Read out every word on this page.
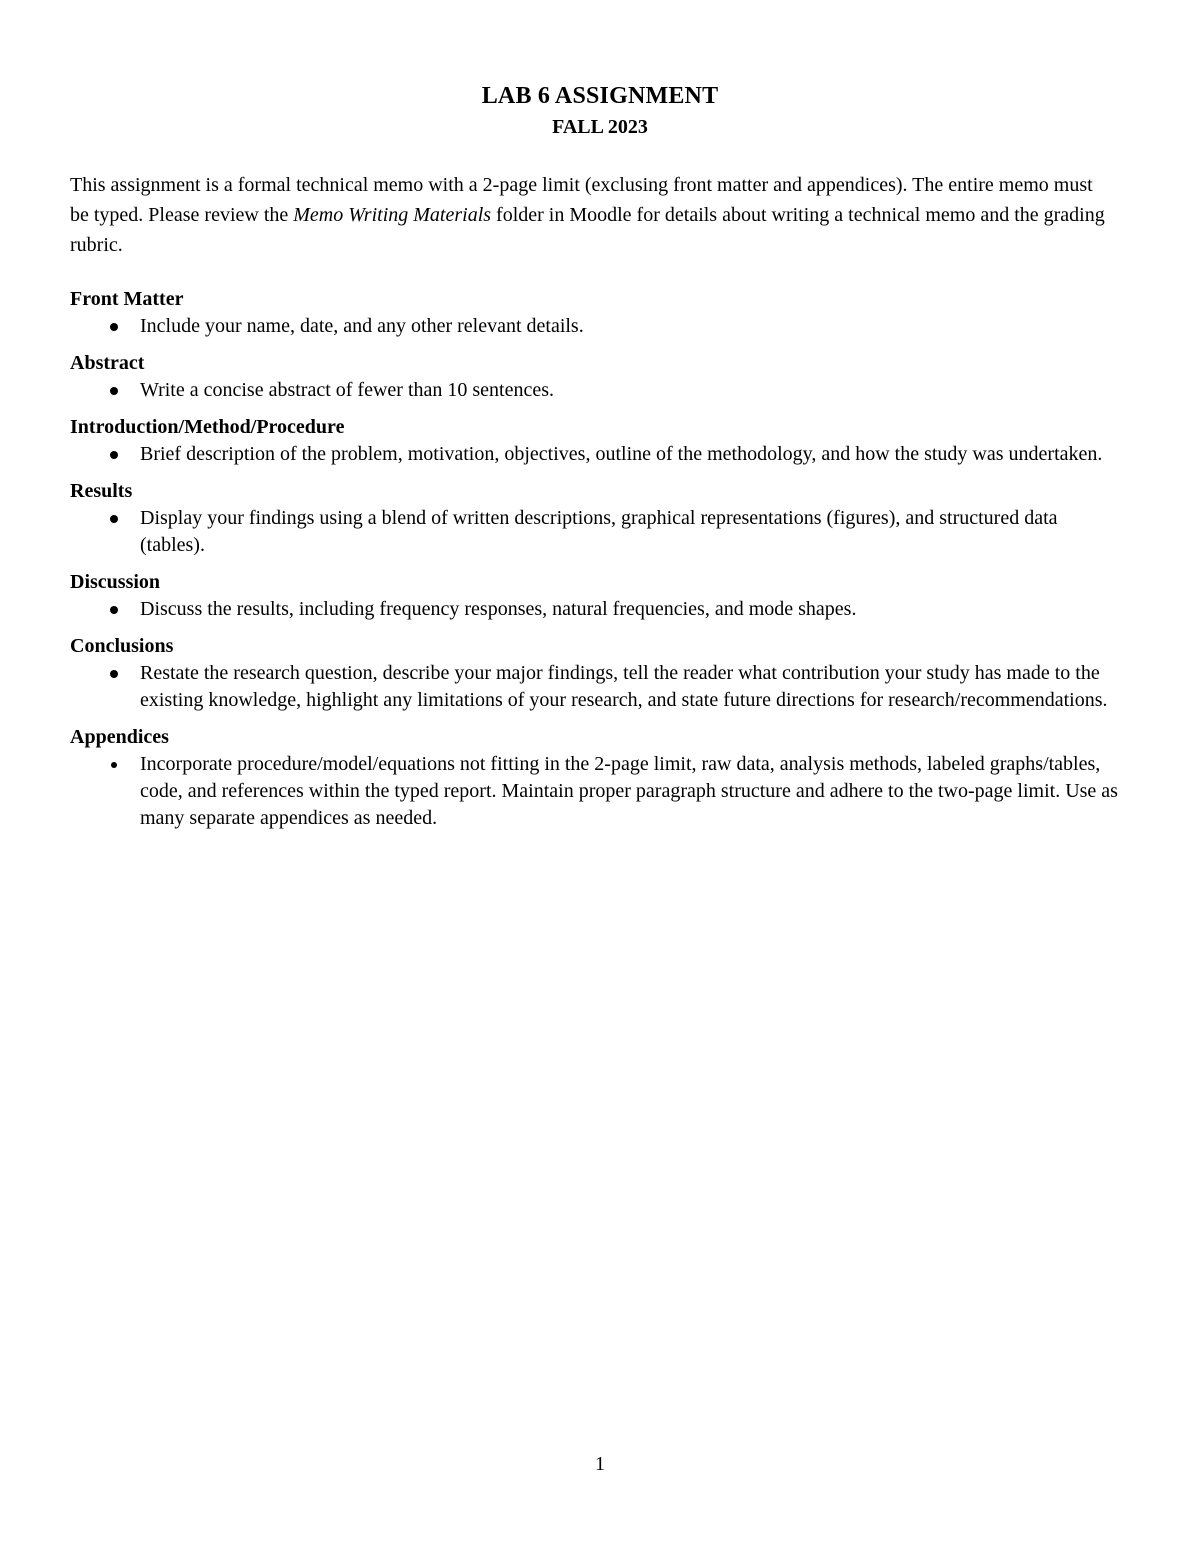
LAB 6 ASSIGNMENT
FALL 2023

This assignment is a formal technical memo with a 2-page limit (exclusing front matter and appendices). The entire memo must be typed. Please review the Memo Writing Materials folder in Moodle for details about writing a technical memo and the grading rubric.

Front Matter
Include your name, date, and any other relevant details.
Abstract
Write a concise abstract of fewer than 10 sentences.
Introduction/Method/Procedure
Brief description of the problem, motivation, objectives, outline of the methodology, and how the study was undertaken.
Results
Display your findings using a blend of written descriptions, graphical representations (figures), and structured data (tables).
Discussion
Discuss the results, including frequency responses, natural frequencies, and mode shapes.
Conclusions
Restate the research question, describe your major findings, tell the reader what contribution your study has made to the existing knowledge, highlight any limitations of your research, and state future directions for research/recommendations.
Appendices
Incorporate procedure/model/equations not fitting in the 2-page limit, raw data, analysis methods, labeled graphs/tables, code, and references within the typed report. Maintain proper paragraph structure and adhere to the two-page limit. Use as many separate appendices as needed.
1
